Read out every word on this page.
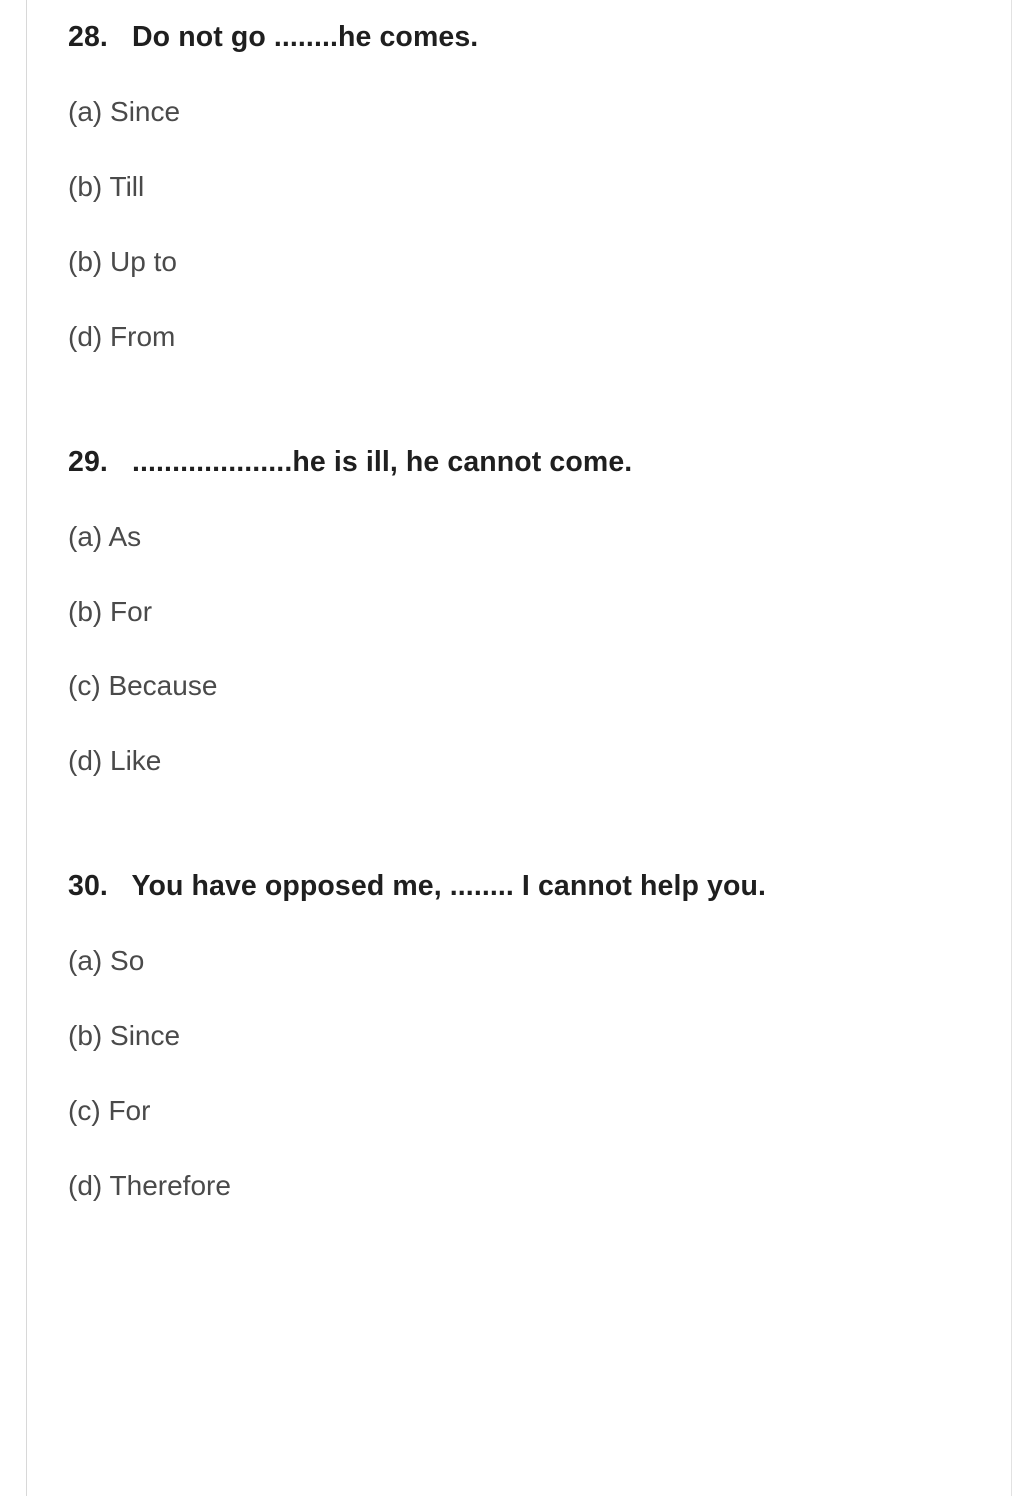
28. Do not go ........he comes.
(a) Since
(b) Till
(b) Up to
(d) From
29. ....................he is ill, he cannot come.
(a) As
(b) For
(c) Because
(d) Like
30. You have opposed me, ........ I cannot help you.
(a) So
(b) Since
(c) For
(d) Therefore
